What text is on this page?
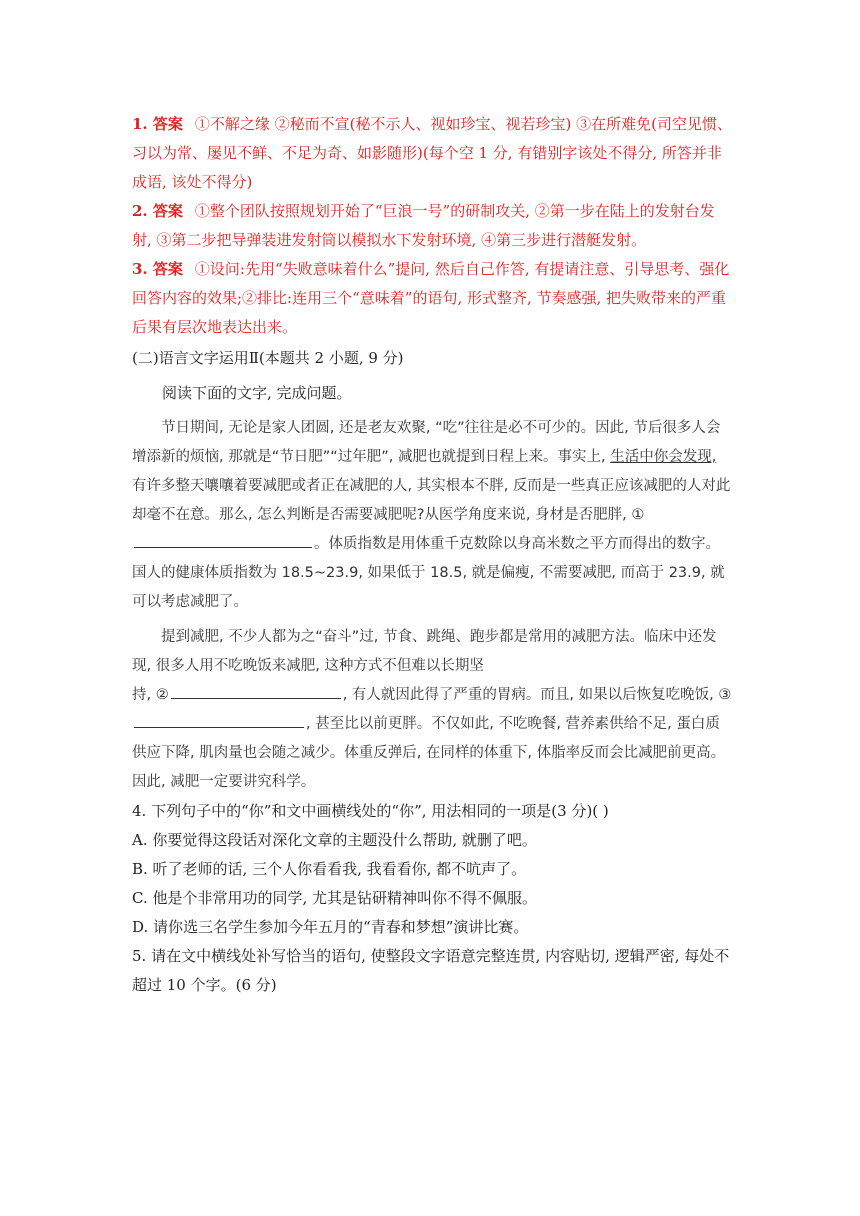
1. 答案 ①不解之缘 ②秘而不宣(秘不示人、视如珍宝、视若珍宝) ③在所难免(司空见惯、习以为常、屡见不鲜、不足为奇、如影随形)(每个空 1 分, 有错别字该处不得分, 所答并非成语, 该处不得分)

2. 答案 ①整个团队按照规划开始了“巨浪一号”的研制攻关, ②第一步在陆上的发射台发射, ③第二步把导弹装进发射筒以模拟水下发射环境, ④第三步进行潜艇发射。

3. 答案 ①设问:先用“失败意味着什么”提问, 然后自己作答, 有提请注意、引导思考、强化回答内容的效果;②排比:连用三个“意味着”的语句, 形式整齐, 节奏感强, 把失败带来的严重后果有层次地表达出来。

(二)语言文字运用Ⅱ(本题共 2 小题, 9 分)

阅读下面的文字, 完成问题。

节日期间, 无论是家人团圆, 还是老友欢聚, “吃”往往是必不可少的。因此, 节后很多人会增添新的烦恼, 那就是“节日肥”“过年肥”, 减肥也就提到日程上来。事实上, 生活中你会发现, 有许多整天嚷嚷着要减肥或者正在减肥的人, 其实根本不胖, 反而是一些真正应该减肥的人对此却毫不在意。那么, 怎么判断是否需要减肥呢?从医学角度来说, 身材是否肥胖, ①。体质指数是用体重千克数除以身高米数之平方而得出的数字。国人的健康体质指数为 18.5~23.9, 如果低于 18.5, 就是偏瘦, 不需要减肥, 而高于 23.9, 就可以考虑减肥了。

提到减肥, 不少人都为之“奋斗”过, 节食、跳绳、跑步都是常用的减肥方法。临床中还发现, 很多人用不吃晚饭来减肥, 这种方式不但难以长期坚

持, ②	, 有人就因此得了严重的胃病。而且, 如果以后恢复吃晚饭, ③, 甚至比以前更胖。不仅如此, 不吃晚餐, 营养素供给不足, 蛋白质供应下降, 肌肉量也会随之减少。体重反弹后, 在同样的体重下, 体脂率反而会比减肥前更高。因此, 减肥一定要讲究科学。

4. 下列句子中的“你”和文中画横线处的“你”, 用法相同的一项是(3 分)( )

A. 你要觉得这段话对深化文章的主题没什么帮助, 就删了吧。

B. 听了老师的话, 三个人你看看我, 我看看你, 都不吭声了。

C. 他是个非常用功的同学, 尤其是钻研精神叫你不得不佩服。

D. 请你选三名学生参加今年五月的“青春和梦想”演讲比赛。

5. 请在文中横线处补写恰当的语句, 使整段文字语意完整连贯, 内容贴切, 逻辑严密, 每处不超过 10 个字。(6 分)
